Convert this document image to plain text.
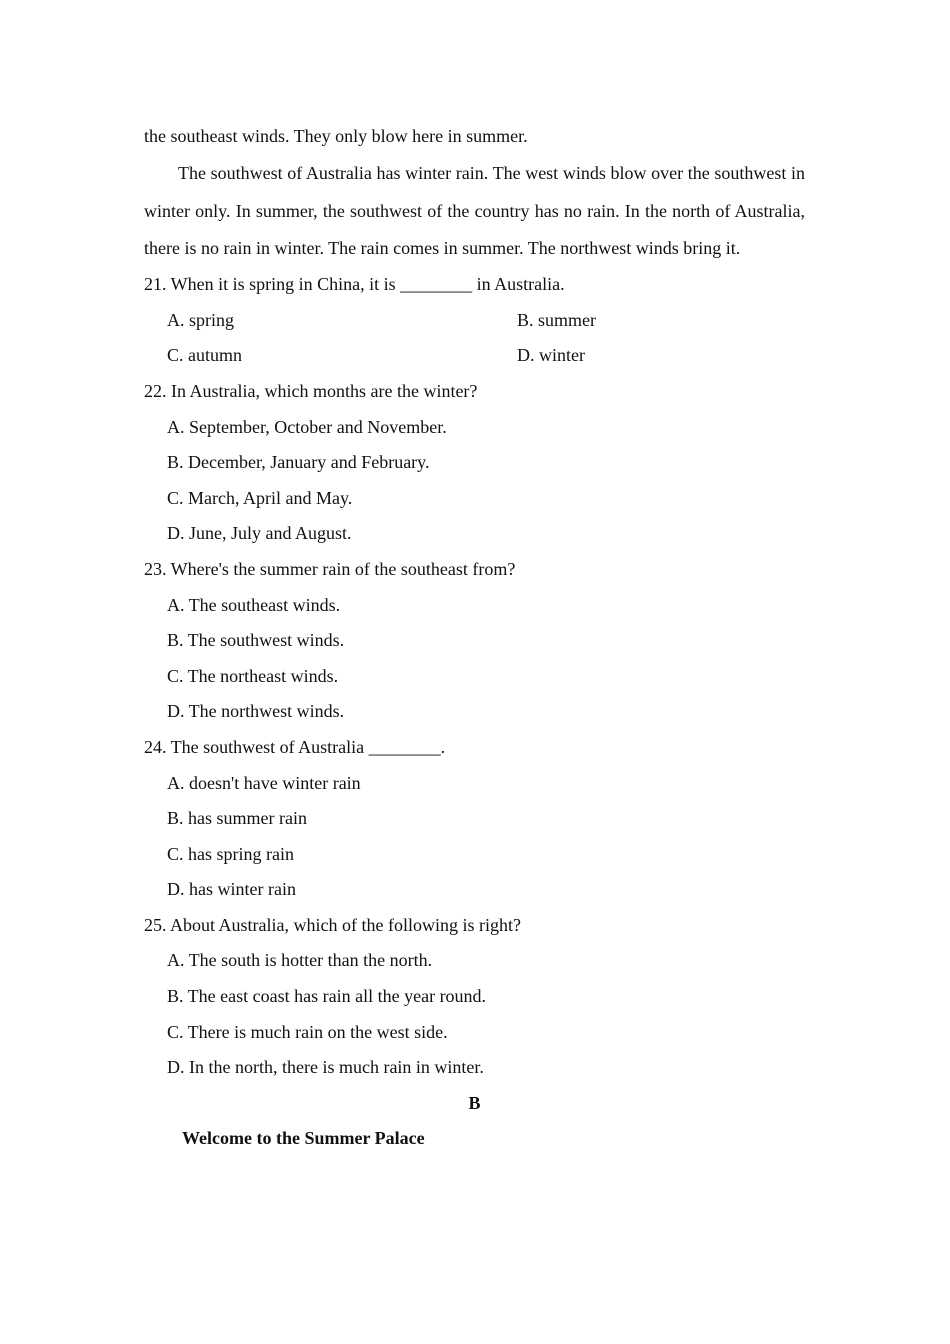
the southeast winds. They only blow here in summer.

The southwest of Australia has winter rain. The west winds blow over the southwest in winter only. In summer, the southwest of the country has no rain. In the north of Australia, there is no rain in winter. The rain comes in summer. The northwest winds bring it.

21. When it is spring in China, it is ________ in Australia.
A. spring	B. summer
C. autumn	D. winter
22. In Australia, which months are the winter?
A. September, October and November.
B. December, January and February.
C. March, April and May.
D. June, July and August.
23. Where's the summer rain of the southeast from?
A. The southeast winds.
B. The southwest winds.
C. The northeast winds.
D. The northwest winds.
24. The southwest of Australia ________.
A. doesn't have winter rain
B. has summer rain
C. has spring rain
D. has winter rain
25. About Australia, which of the following is right?
A. The south is hotter than the north.
B. The east coast has rain all the year round.
C. There is much rain on the west side.
D. In the north, there is much rain in winter.
B
Welcome to the Summer Palace
